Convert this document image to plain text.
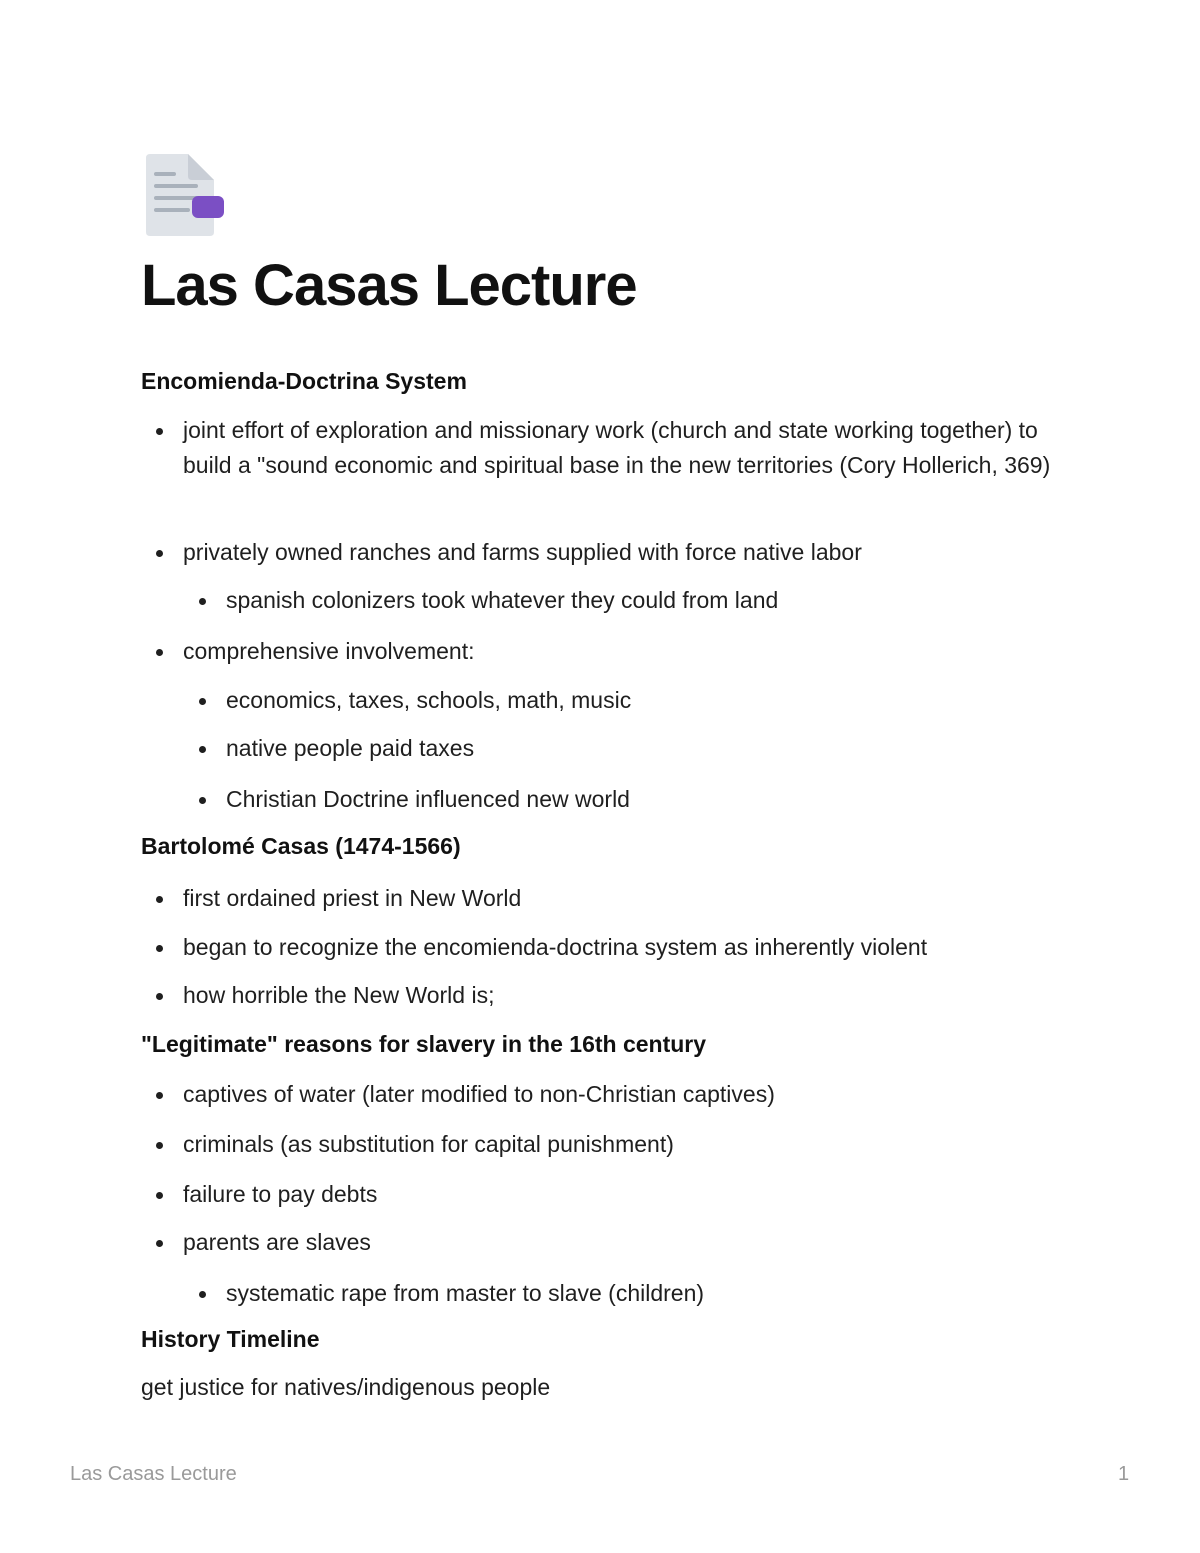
Las Casas Lecture
Encomienda-Doctrina System
joint effort of exploration and missionary work (church and state working together) to build a "sound economic and spiritual base in the new territories (Cory Hollerich, 369)
privately owned ranches and farms supplied with force native labor
spanish colonizers took whatever they could from land
comprehensive involvement:
economics, taxes, schools, math, music
native people paid taxes
Christian Doctrine influenced new world
Bartolomé Casas (1474-1566)
first ordained priest in New World
began to recognize the encomienda-doctrina system as inherently violent
how horrible the New World is;
"Legitimate" reasons for slavery in the 16th century
captives of water (later modified to non-Christian captives)
criminals (as substitution for capital punishment)
failure to pay debts
parents are slaves
systematic rape from master to slave (children)
History Timeline

get justice for natives/indigenous people

Las Casas Lecture	1
